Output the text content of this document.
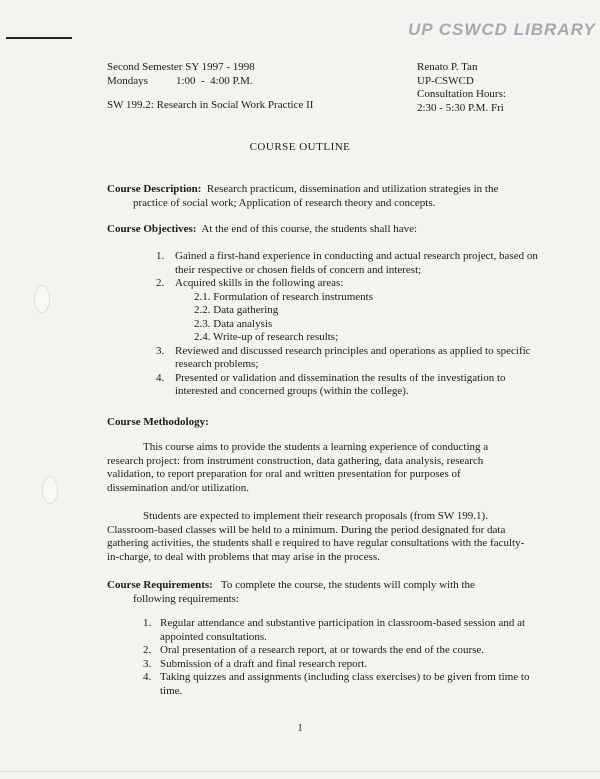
UP CSWCD LIBRARY
Second Semester SY 1997 - 1998
Mondays	1:00  -  4:00 P.M.
SW 199.2: Research in Social Work Practice II
Renato P. Tan
UP-CSWCD
Consultation Hours:
2:30 - 5:30 P.M. Fri
COURSE OUTLINE
Course Description: Research practicum, dissemination and utilization strategies in the
practice of social work; Application of research theory and concepts.
Course Objectives: At the end of this course, the students shall have:
1. Gained a first-hand experience in conducting and actual research project, based on their respective or chosen fields of concern and interest;
2. Acquired skills in the following areas:
2.1. Formulation of research instruments
2.2. Data gathering
2.3. Data analysis
2.4. Write-up of research results;
3. Reviewed and discussed research principles and operations as applied to specific research problems;
4. Presented or validation and dissemination the results of the investigation to interested and concerned groups (within the college).
Course Methodology:
This course aims to provide the students a learning experience of conducting a research project: from instrument construction, data gathering, data analysis, research validation, to report preparation for oral and written presentation for purposes of dissemination and/or utilization.
Students are expected to implement their research proposals (from SW 199.1). Classroom-based classes will be held to a minimum. During the period designated for data gathering activities, the students shall e required to have regular consultations with the faculty-in-charge, to deal with problems that may arise in the process.
Course Requirements: To complete the course, the students will comply with the
following requirements:
1. Regular attendance and substantive participation in classroom-based session and at appointed consultations.
2. Oral presentation of a research report, at or towards the end of the course.
3. Submission of a draft and final research report.
4. Taking quizzes and assignments (including class exercises) to be given from time to time.
1
